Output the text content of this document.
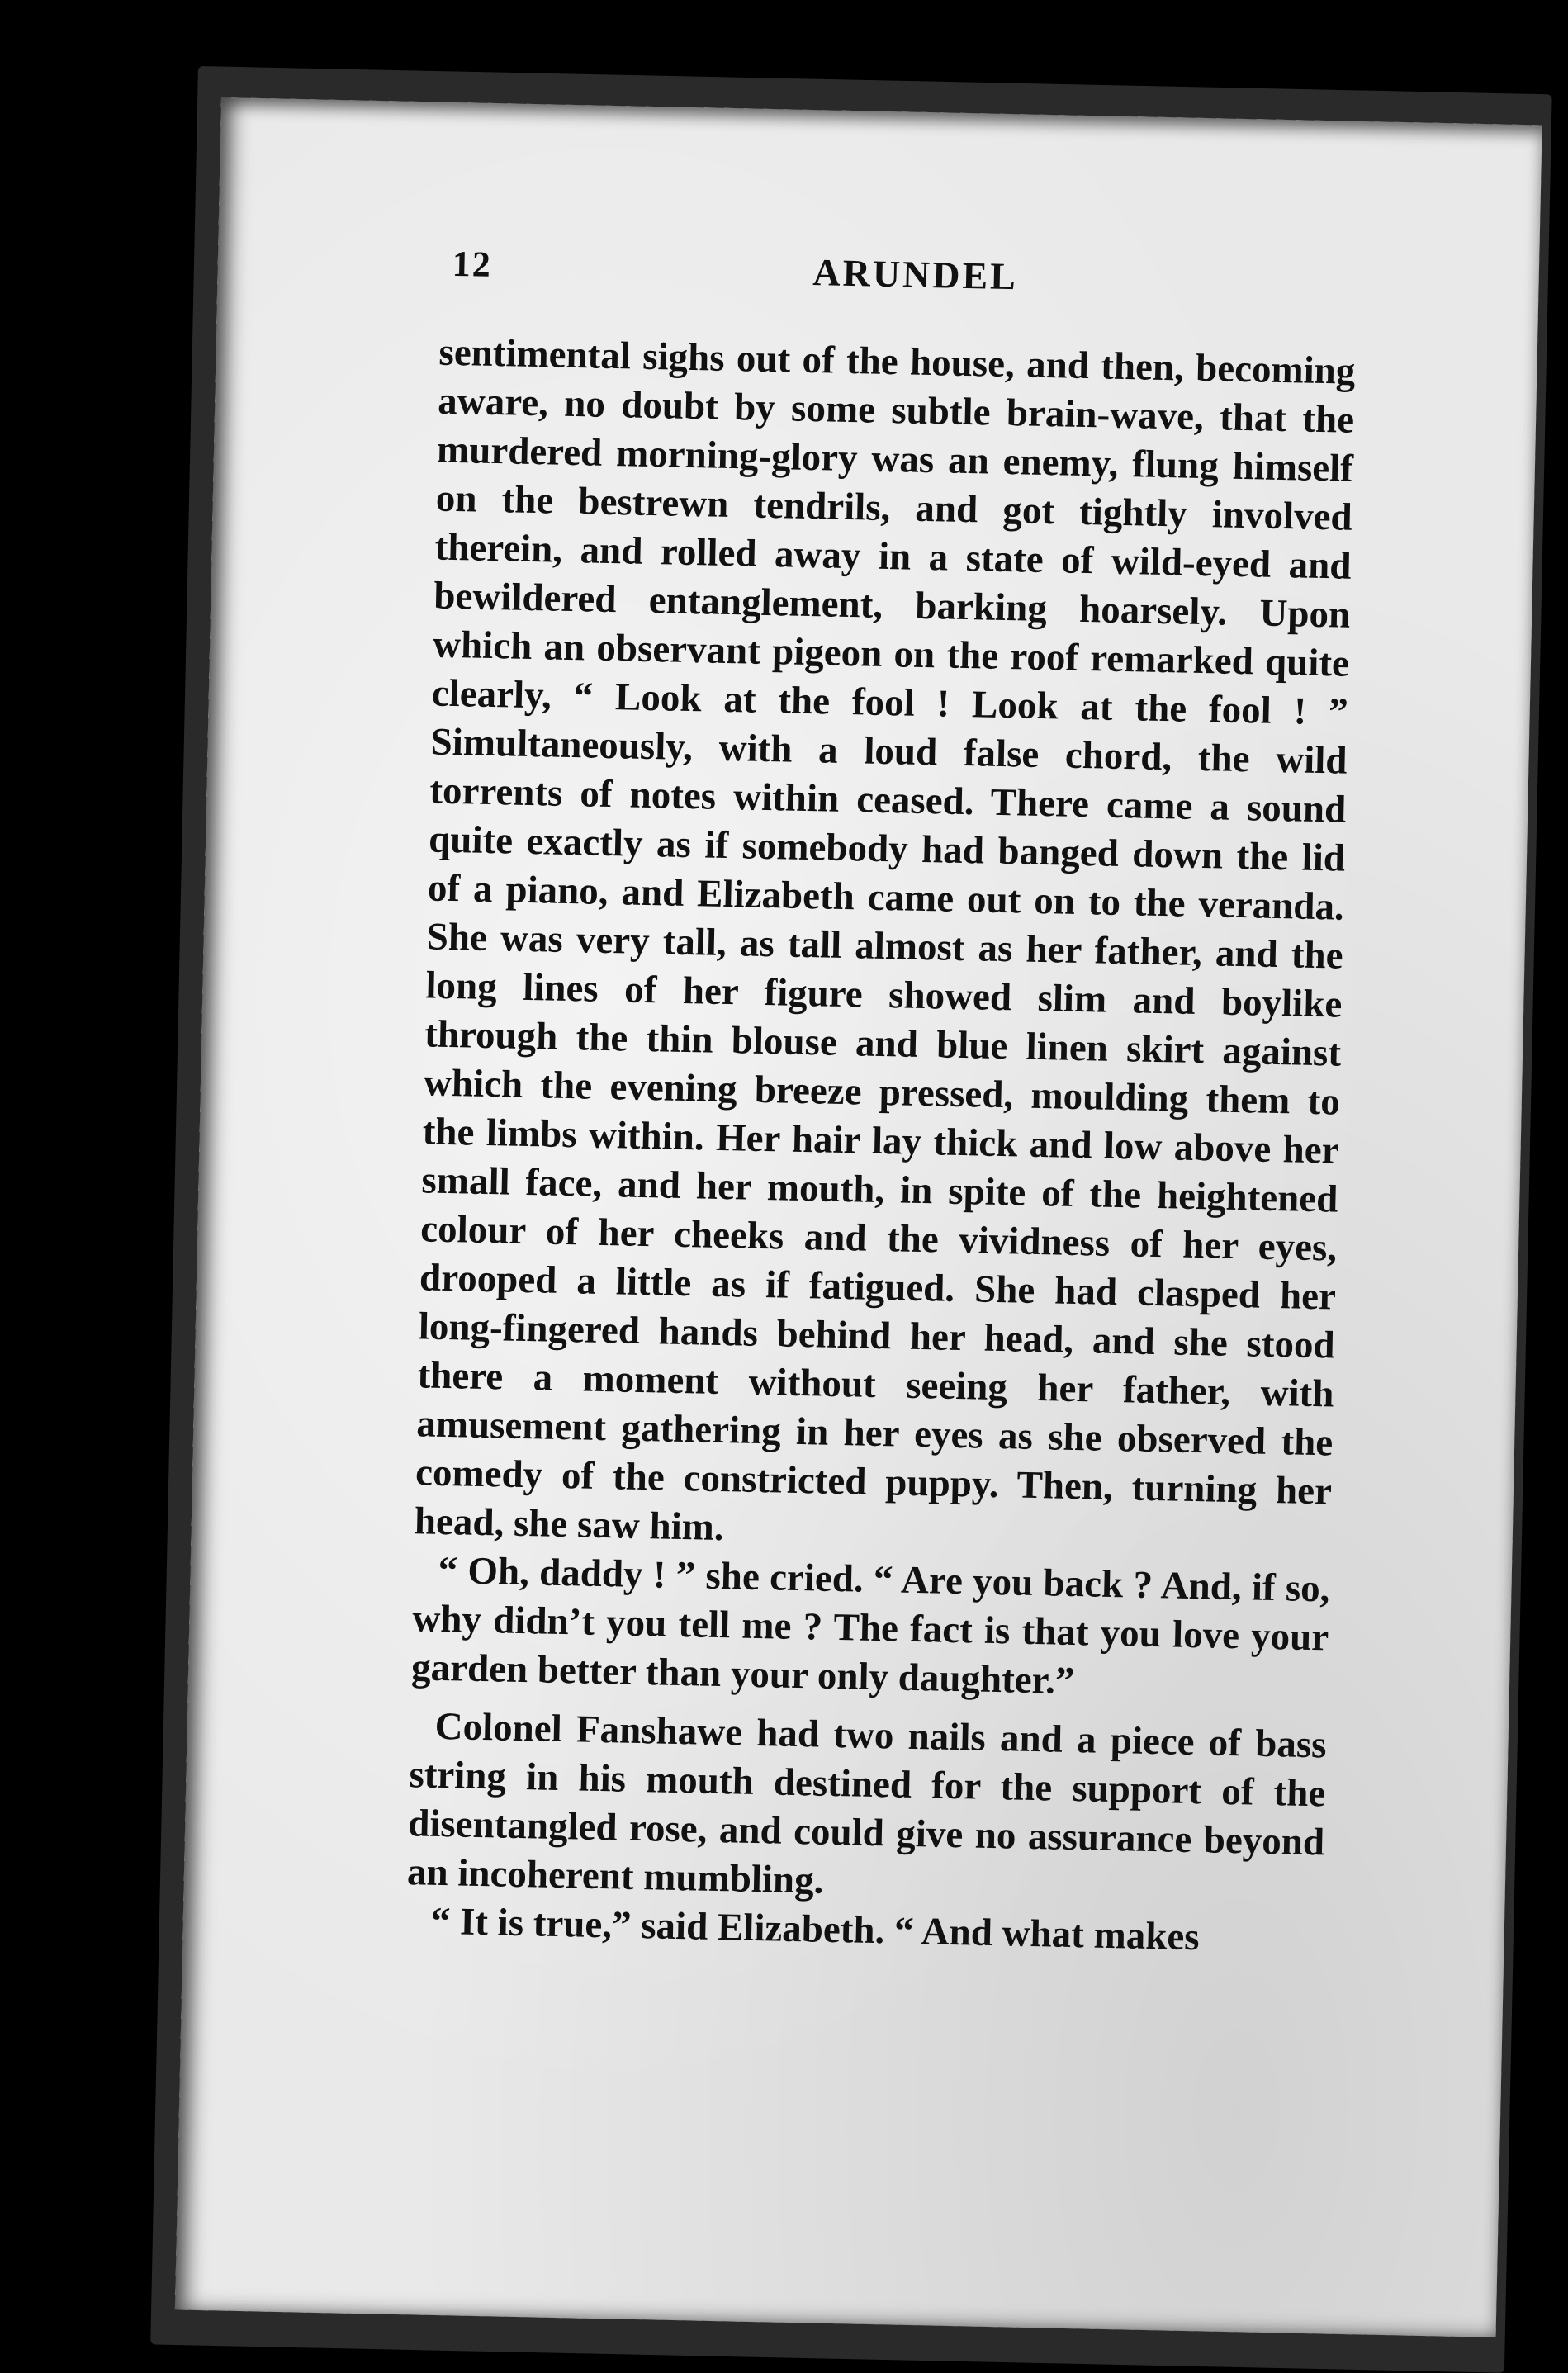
12	ARUNDEL

sentimental sighs out of the house, and then, becoming aware, no doubt by some subtle brain-wave, that the murdered morning-glory was an enemy, flung himself on the bestrewn tendrils, and got tightly involved therein, and rolled away in a state of wild-eyed and bewildered entanglement, barking hoarsely. Upon which an observant pigeon on the roof remarked quite clearly, “ Look at the fool ! Look at the fool ! ” Simultaneously, with a loud false chord, the wild torrents of notes within ceased. There came a sound quite exactly as if somebody had banged down the lid of a piano, and Elizabeth came out on to the veranda. She was very tall, as tall almost as her father, and the long lines of her figure showed slim and boylike through the thin blouse and blue linen skirt against which the evening breeze pressed, moulding them to the limbs within. Her hair lay thick and low above her small face, and her mouth, in spite of the heightened colour of her cheeks and the vividness of her eyes, drooped a little as if fatigued. She had clasped her long-fingered hands behind her head, and she stood there a moment without seeing her father, with amusement gathering in her eyes as she observed the comedy of the constricted puppy. Then, turning her head, she saw him.

“ Oh, daddy ! ” she cried. “ Are you back ? And, if so, why didn’t you tell me ? The fact is that you love your garden better than your only daughter.”

Colonel Fanshawe had two nails and a piece of bass string in his mouth destined for the support of the disentangled rose, and could give no assurance beyond an incoherent mumbling.

“ It is true,” said Elizabeth. “ And what makes
